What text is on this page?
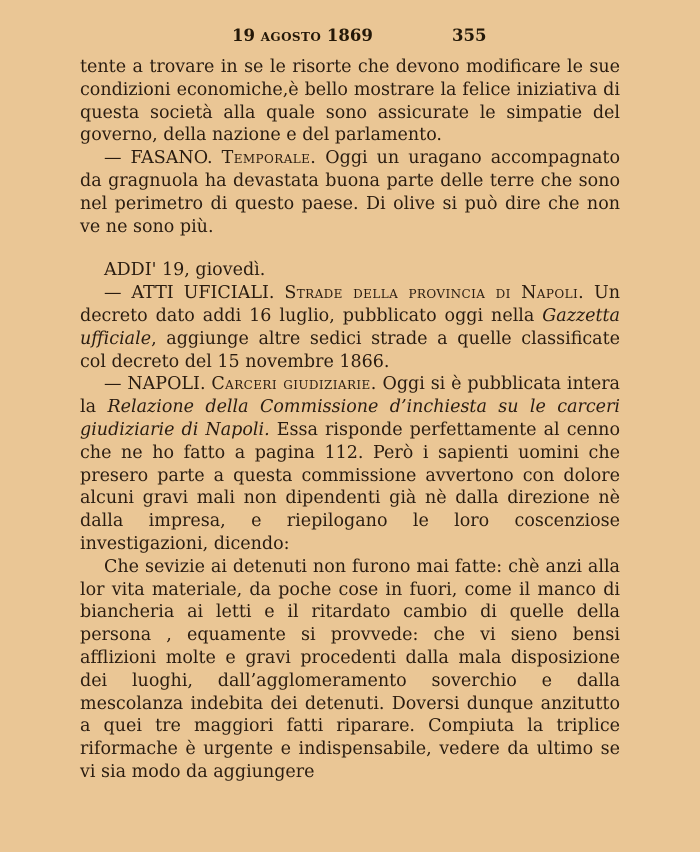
19 agosto 1869	355

tente a trovare in se le risorte che devono modificare le sue condizioni economiche,è bello mostrare la felice iniziativa di questa società alla quale sono assicurate le simpatie del governo, della nazione e del parlamento.

— FASANO. Temporale. Oggi un uragano accompagnato da gragnuola ha devastata buona parte delle terre che sono nel perimetro di questo paese. Di olive si può dire che non ve ne sono più.

ADDI' 19, giovedì.

— ATTI UFICIALI. Strade della provincia di Napoli. Un decreto dato addi 16 luglio, pubblicato oggi nella Gazzetta ufficiale, aggiunge altre sedici strade a quelle classificate col decreto del 15 novembre 1866.

— NAPOLI. Carceri giudiziarie. Oggi si è pubblicata intera la Relazione della Commissione d’inchiesta su le carceri giudiziarie di Napoli. Essa risponde perfettamente al cenno che ne ho fatto a pagina 112. Però i sapienti uomini che presero parte a questa commissione avvertono con dolore alcuni gravi mali non dipendenti già nè dalla direzione nè dalla impresa, e riepilogano le loro coscenziose investigazioni, dicendo:

Che sevizie ai detenuti non furono mai fatte: chè anzi alla lor vita materiale, da poche cose in fuori, come il manco di biancheria ai letti e il ritardato cambio di quelle della persona , equamente si provvede: che vi sieno bensi afflizioni molte e gravi procedenti dalla mala disposizione dei luoghi, dall’agglomeramento soverchio e dalla mescolanza indebita dei detenuti. Doversi dunque anzitutto a quei tre maggiori fatti riparare. Compiuta la triplice riformache è urgente e indispensabile, vedere da ultimo se vi sia modo da aggiungere
